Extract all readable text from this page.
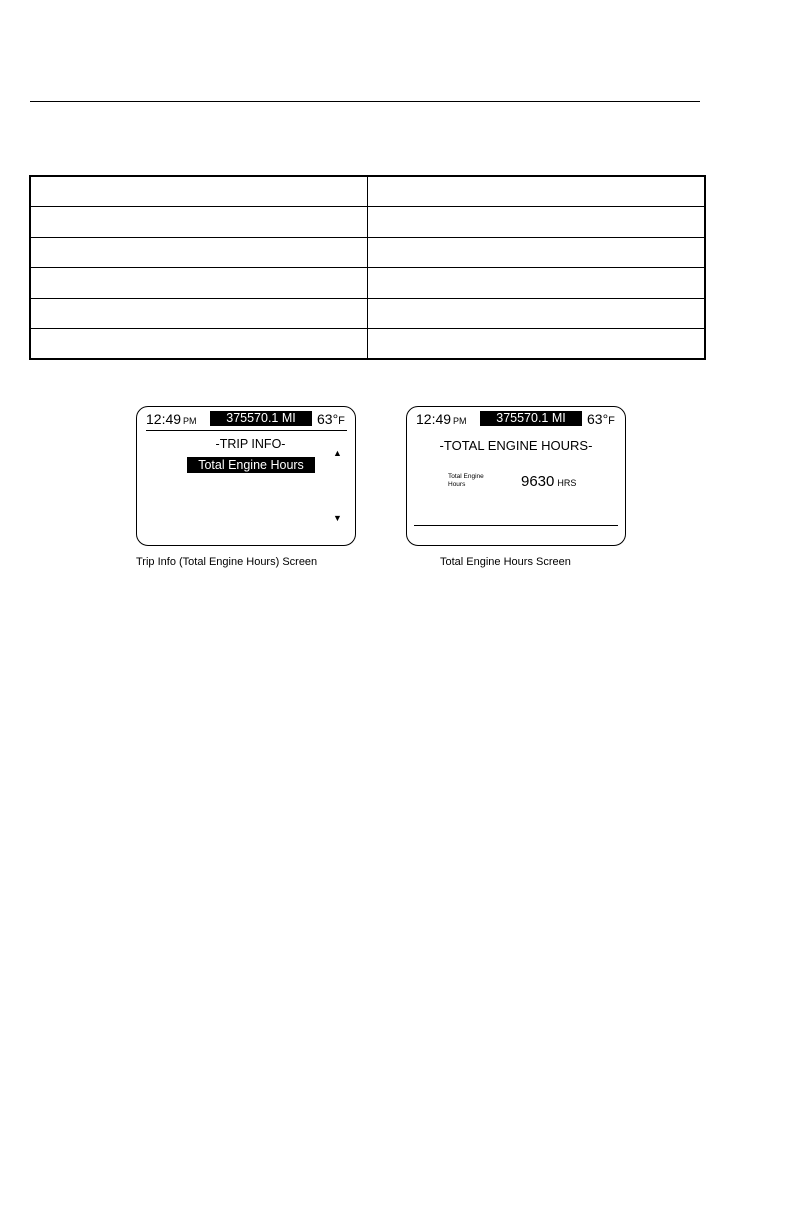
12:49 PM	375570.1 MI	63°F
-TRIP INFO-
Total Engine Hours
▲
▼
Trip Info (Total Engine Hours) Screen
12:49 PM	375570.1 MI	63°F
-TOTAL ENGINE HOURS-
Total Engine
Hours	9630 HRS
Total Engine Hours Screen
